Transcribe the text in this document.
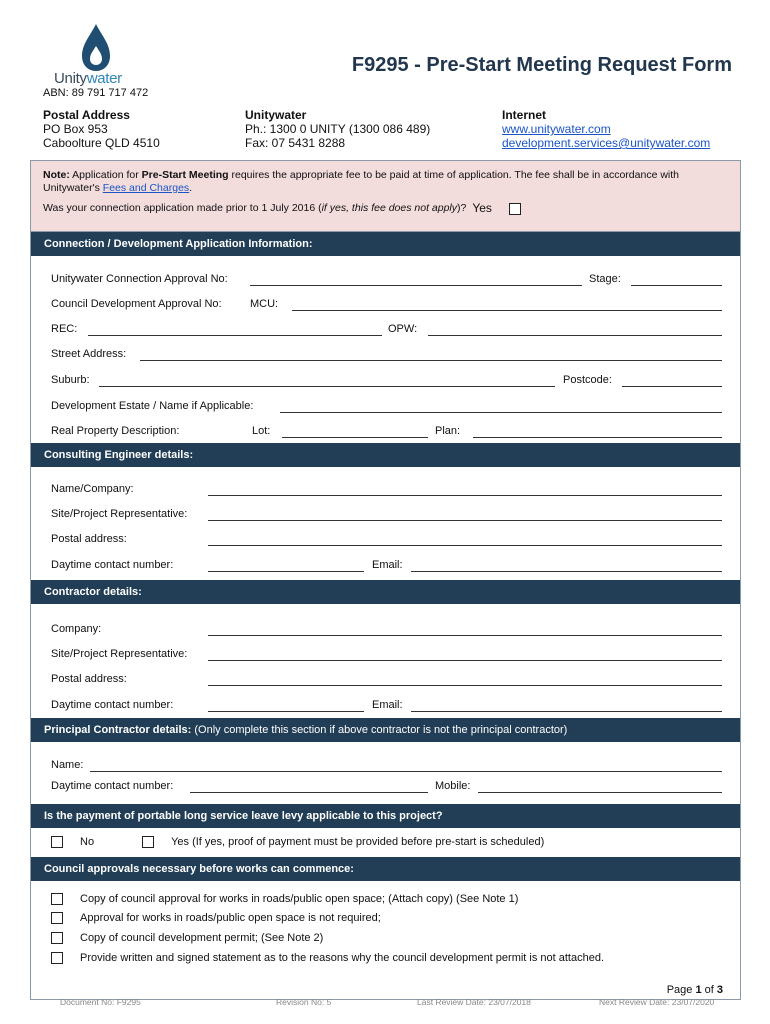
Unitywater
F9295 - Pre-Start Meeting Request Form
ABN: 89 791 717 472
Postal Address
PO Box 953
Caboolture QLD 4510
Unitywater
Ph.: 1300 0 UNITY (1300 086 489)
Fax: 07 5431 8288
Internet
www.unitywater.com
development.services@unitywater.com
Note: Application for Pre-Start Meeting requires the appropriate fee to be paid at time of application. The fee shall be in accordance with Unitywater's Fees and Charges.
Was your connection application made prior to 1 July 2016 ( if yes, this fee does not apply )? Yes
Connection / Development Application Information:
Unitywater Connection Approval No:	Stage:
Council Development Approval No:	MCU:
REC:	OPW:
Street Address:
Suburb:	Postcode:
Development Estate / Name if Applicable:
Real Property Description:	Lot:	Plan:
Consulting Engineer details:
Name/Company:
Site/Project Representative:
Postal address:
Daytime contact number:	Email:
Contractor details:
Company:
Site/Project Representative:
Postal address:
Daytime contact number:	Email:
Principal Contractor details: (Only complete this section if above contractor is not the principal contractor)
Name:
Daytime contact number:	Mobile:
Is the payment of portable long service leave levy applicable to this project?
No	Yes (If yes, proof of payment must be provided before pre-start is scheduled)
Council approvals necessary before works can commence:
Copy of council approval for works in roads/public open space; (Attach copy) (See Note 1)
Approval for works in roads/public open space is not required;
Copy of council development permit; (See Note 2)
Provide written and signed statement as to the reasons why the council development permit is not attached.
Page 1 of 3
Document No: F9295	Revision No: 5	Last Review Date: 23/07/2018	Next Review Date: 23/07/2020
